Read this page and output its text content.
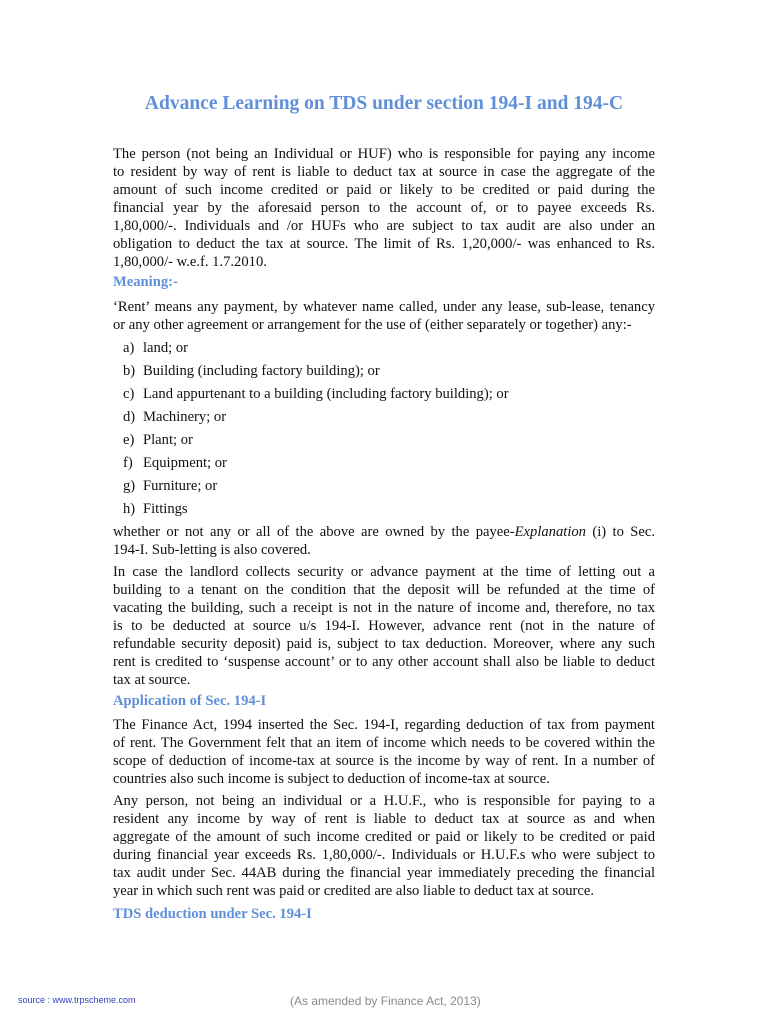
Advance Learning on TDS under section 194-I and 194-C
The person (not being an Individual or HUF) who is responsible for paying any income
to resident by way of rent is liable to deduct tax at source in case the aggregate of the
amount of such income credited or paid or likely to be credited or paid during the
financial year by the aforesaid person to the account of, or to payee exceeds Rs.
1,80,000/-. Individuals and /or HUFs who are subject to tax audit are also under an
obligation to deduct the tax at source. The limit of Rs. 1,20,000/- was enhanced to Rs.
1,80,000/- w.e.f. 1.7.2010.
Meaning:-
‘Rent’ means any payment, by whatever name called, under any lease, sub-lease, tenancy
or any other agreement or arrangement for the use of (either separately or together) any:-
a) land; or
b) Building (including factory building); or
c) Land appurtenant to a building (including factory building); or
d) Machinery; or
e) Plant; or
f) Equipment; or
g) Furniture; or
h) Fittings
whether or not any or all of the above are owned by the payee-Explanation (i) to Sec.
194-I. Sub-letting is also covered.
In case the landlord collects security or advance payment at the time of letting out a
building to a tenant on the condition that the deposit will be refunded at the time of
vacating the building, such a receipt is not in the nature of income and, therefore, no tax
is to be deducted at source u/s 194-I. However, advance rent (not in the nature of
refundable security deposit) paid is, subject to tax deduction. Moreover, where any such
rent is credited to ‘suspense account’ or to any other account shall also be liable to deduct
tax at source.
Application of Sec. 194-I
The Finance Act, 1994 inserted the Sec. 194-I, regarding deduction of tax from payment
of rent. The Government felt that an item of income which needs to be covered within the
scope of deduction of income-tax at source is the income by way of rent. In a number of
countries also such income is subject to deduction of income-tax at source.
Any person, not being an individual or a H.U.F., who is responsible for paying to a
resident any income by way of rent is liable to deduct tax at source as and when
aggregate of the amount of such income credited or paid or likely to be credited or paid
during financial year exceeds Rs. 1,80,000/-. Individuals or H.U.F.s who were subject to
tax audit under Sec. 44AB during the financial year immediately preceding the financial
year in which such rent was paid or credited are also liable to deduct tax at source.
TDS deduction under Sec. 194-I
source : www.trpscheme.com	(As amended by Finance Act, 2013)
